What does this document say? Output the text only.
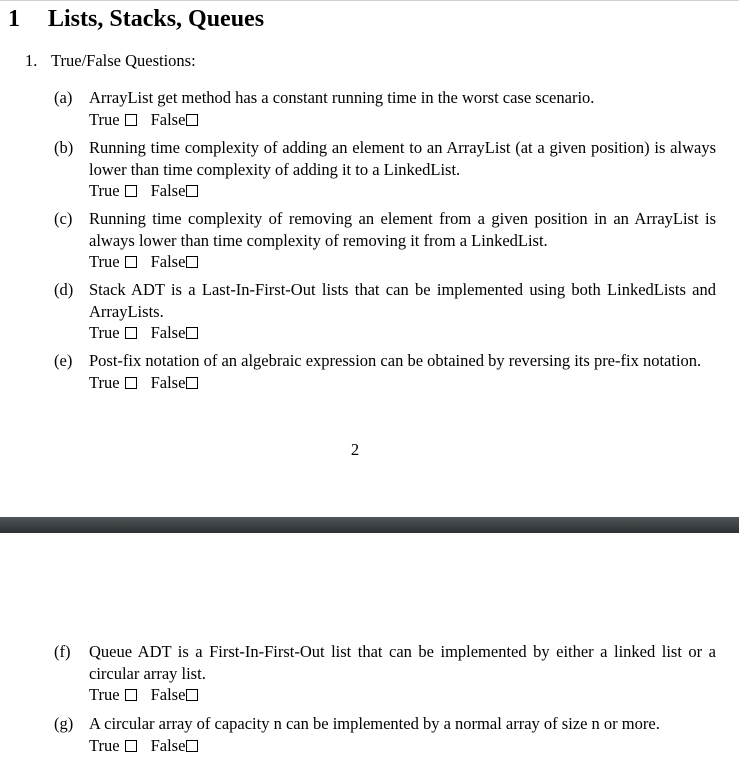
1 Lists, Stacks, Queues
1. True/False Questions:
(a) ArrayList get method has a constant running time in the worst case scenario.
True False
(b) Running time complexity of adding an element to an ArrayList (at a given position) is always lower than time complexity of adding it to a LinkedList.
True False
(c) Running time complexity of removing an element from a given position in an ArrayList is always lower than time complexity of removing it from a LinkedList.
True False
(d) Stack ADT is a Last-In-First-Out lists that can be implemented using both LinkedLists and ArrayLists.
True False
(e) Post-fix notation of an algebraic expression can be obtained by reversing its pre-fix notation.
True False
2
(f) Queue ADT is a First-In-First-Out list that can be implemented by either a linked list or a circular array list.
True False
(g) A circular array of capacity n can be implemented by a normal array of size n or more.
True False
